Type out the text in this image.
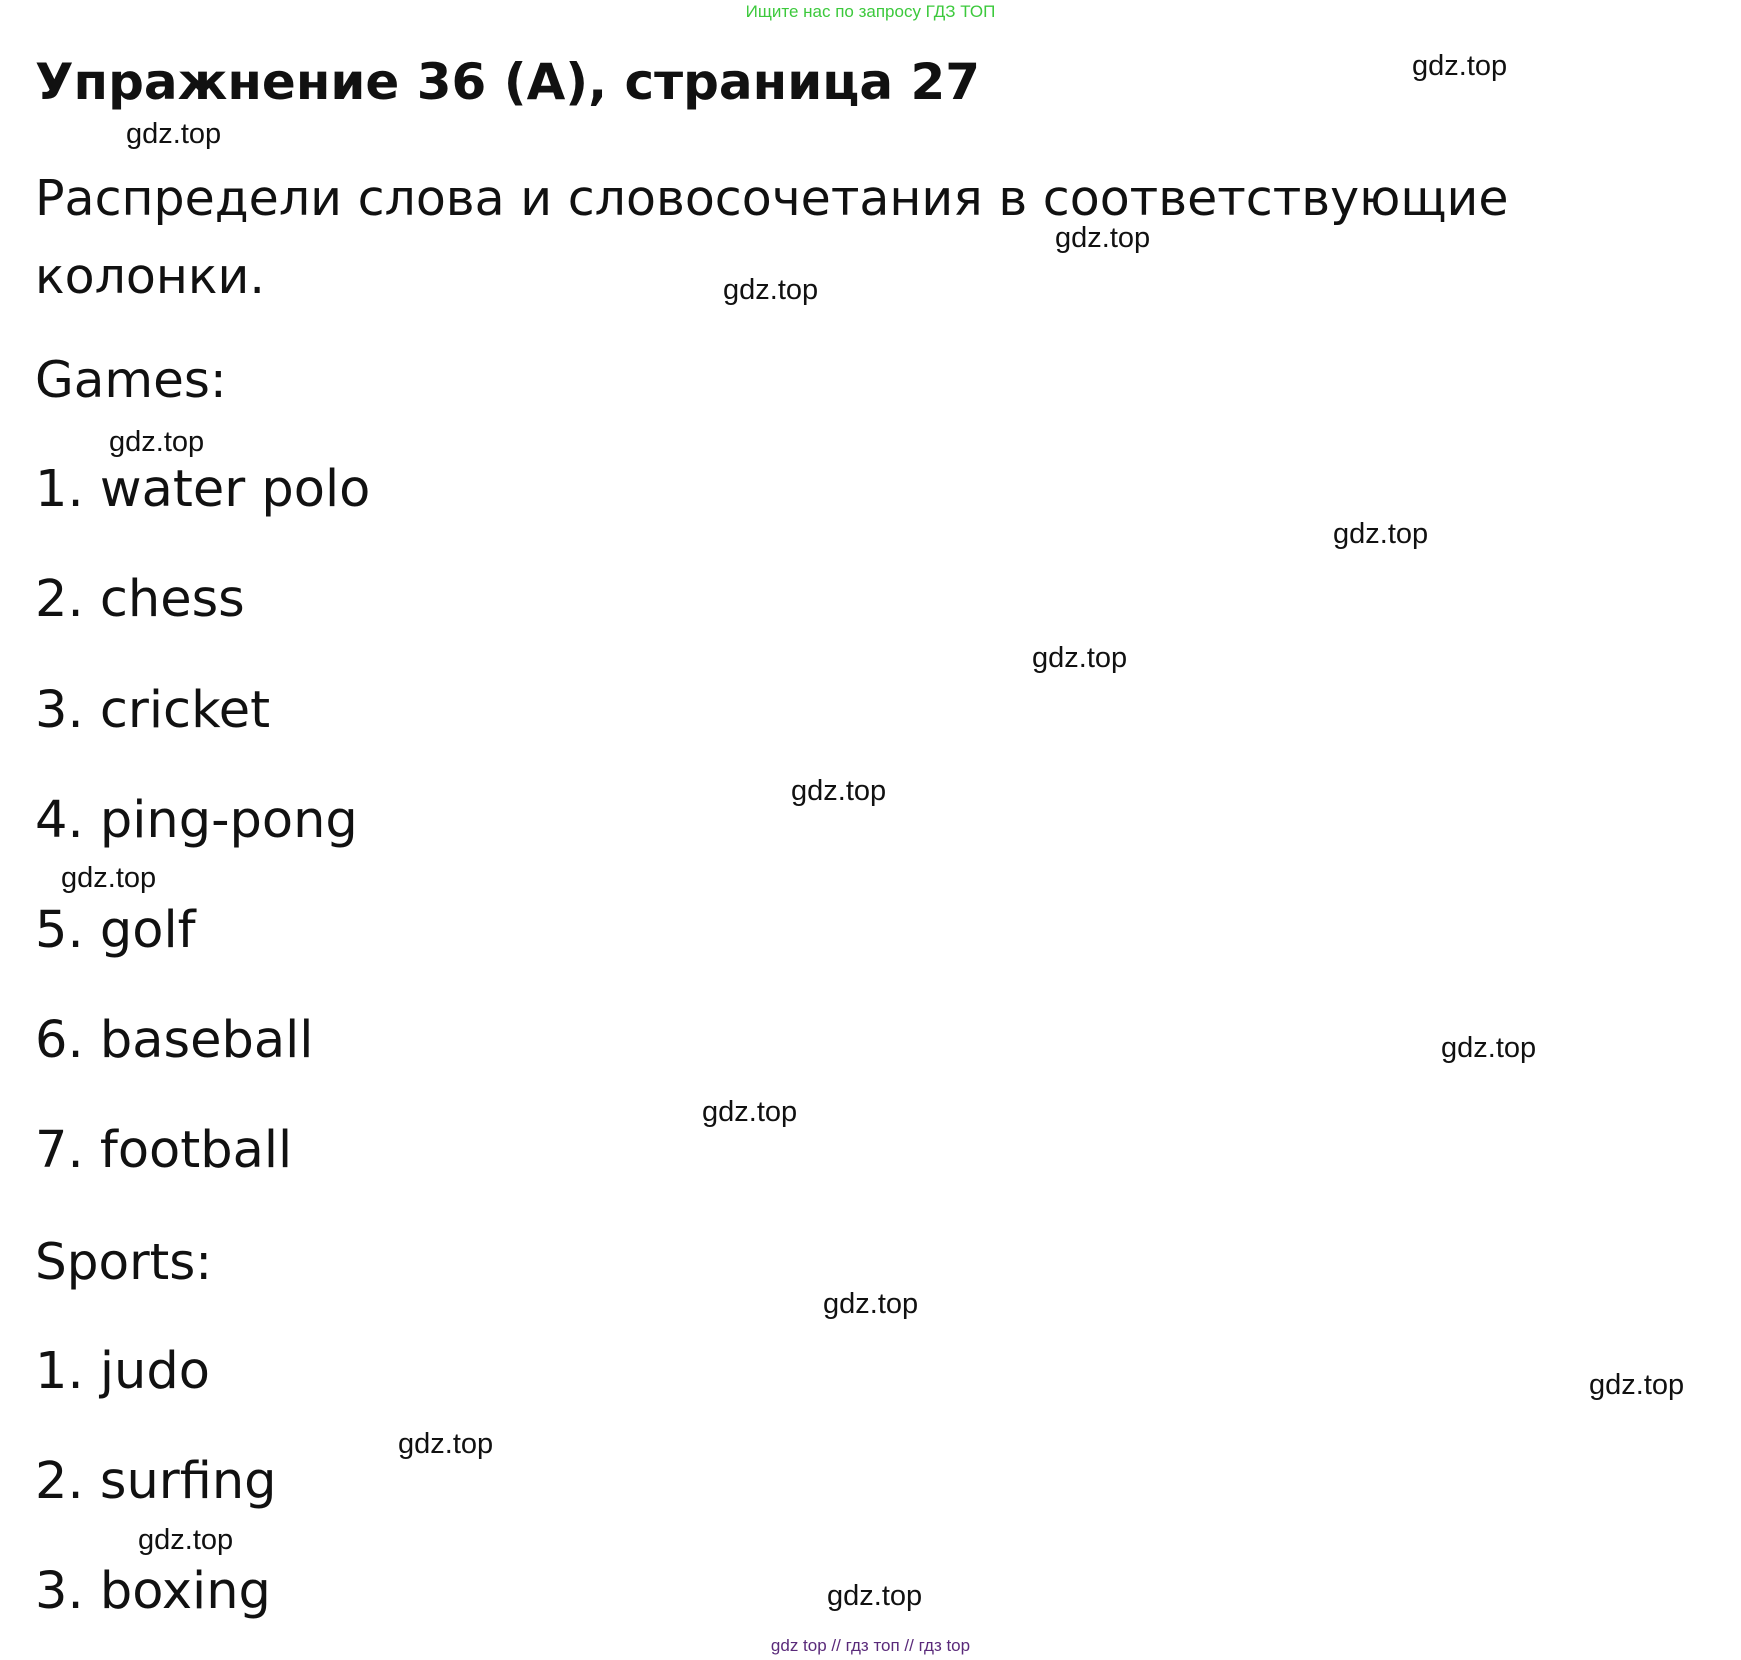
Ищите нас по запросу ГДЗ ТОП
Упражнение 36 (А), страница 27

Распредели слова и словосочетания в соответствующие колонки.

Games:
1. water polo
2. chess
3. cricket
4. ping-pong
5. golf
6. baseball
7. football
Sports:
1. judo
2. surfing
3. boxing
gdz.top
gdz.top
gdz.top
gdz.top
gdz.top
gdz.top
gdz.top
gdz.top
gdz.top
gdz.top
gdz.top
gdz.top
gdz.top
gdz.top
gdz.top
gdz.top
gdz top // гдз топ // гдз top
